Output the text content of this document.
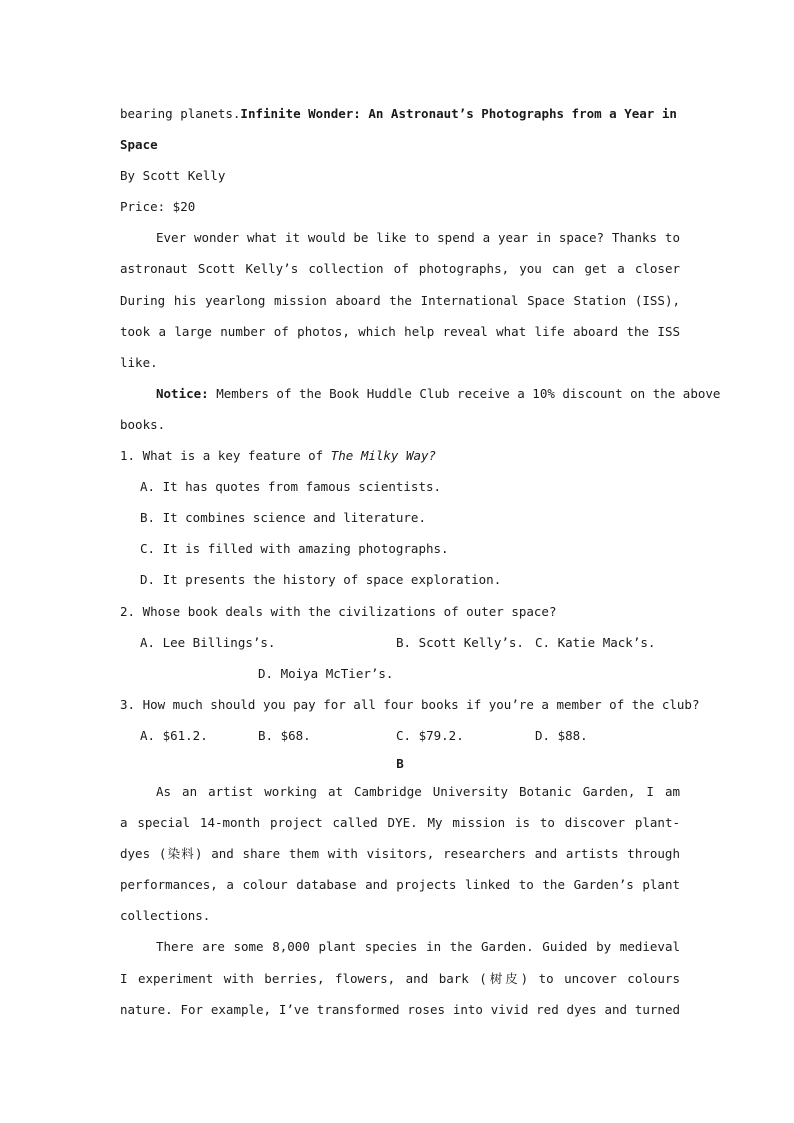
bearing planets.Infinite Wonder: An Astronaut’s Photographs from a Year in
Space
By Scott Kelly
Price: $20
Ever wonder what it would be like to spend a year in space? Thanks to
astronaut Scott Kelly’s collection of photographs, you can get a closer
During his yearlong mission aboard the International Space Station (ISS),
took a large number of photos, which help reveal what life aboard the ISS
like.
Notice: Members of the Book Huddle Club receive a 10% discount on the above
books.
1. What is a key feature of The Milky Way?
A. It has quotes from famous scientists.
B. It combines science and literature.
C. It is filled with amazing photographs.
D. It presents the history of space exploration.
2. Whose book deals with the civilizations of outer space?
A. Lee Billings’s.	B. Scott Kelly’s. C. Katie Mack’s.
D. Moiya McTier’s.
3. How much should you pay for all four books if you’re a member of the club?
A. $61.2.	B. $68.	C. $79.2.	D. $88.
B
As an artist working at Cambridge University Botanic Garden, I am
a special 14-month project called DYE. My mission is to discover plant-
dyes (染料) and share them with visitors, researchers and artists through
performances, a colour database and projects linked to the Garden’s plant
collections.
There are some 8,000 plant species in the Garden. Guided by medieval
I experiment with berries, flowers, and bark (树皮) to uncover colours
nature. For example, I’ve transformed roses into vivid red dyes and turned
